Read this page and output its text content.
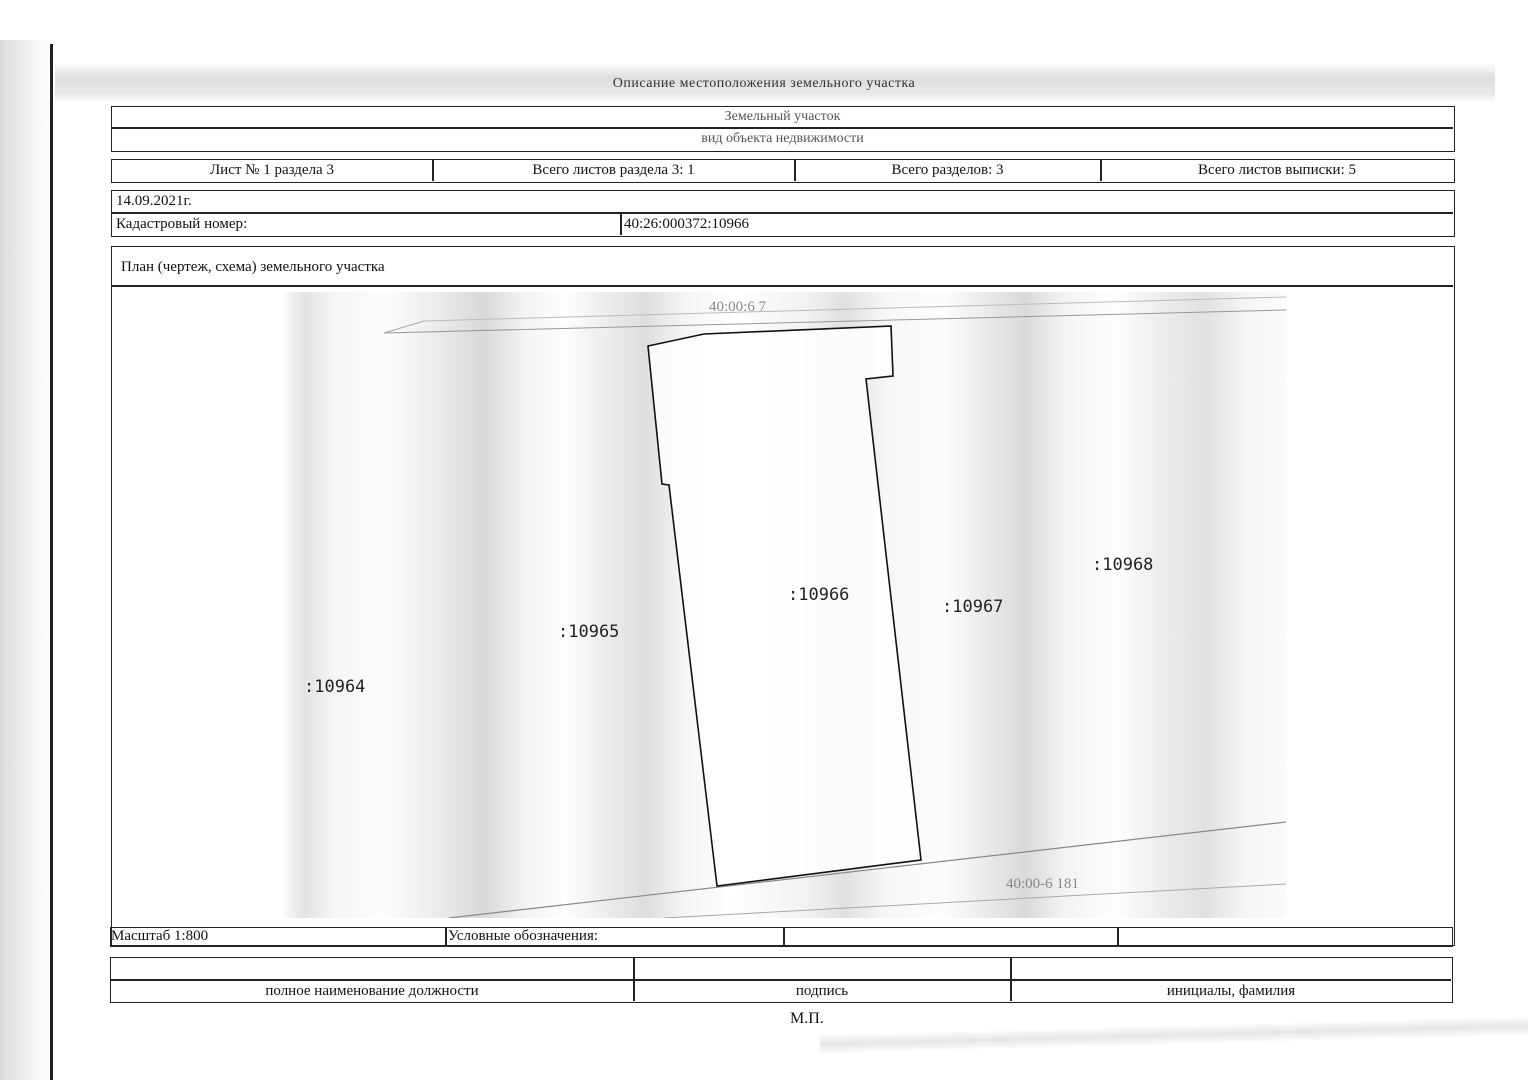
Описание местоположения земельного участка
Земельный участок
вид объекта недвижимости
Лист № 1 раздела 3	Всего листов раздела 3: 1	Всего разделов: 3	Всего листов выписки: 5
14.09.2021г.
Кадастровый номер:	40:26:000372:10966
План (чертеж, схема) земельного участка
40:00:6 7
40:00-6 181
:10964
:10965
:10966
:10967
:10968
Масштаб 1:800	Условные обозначения:
полное наименование должности	подпись	инициалы, фамилия
М.П.
